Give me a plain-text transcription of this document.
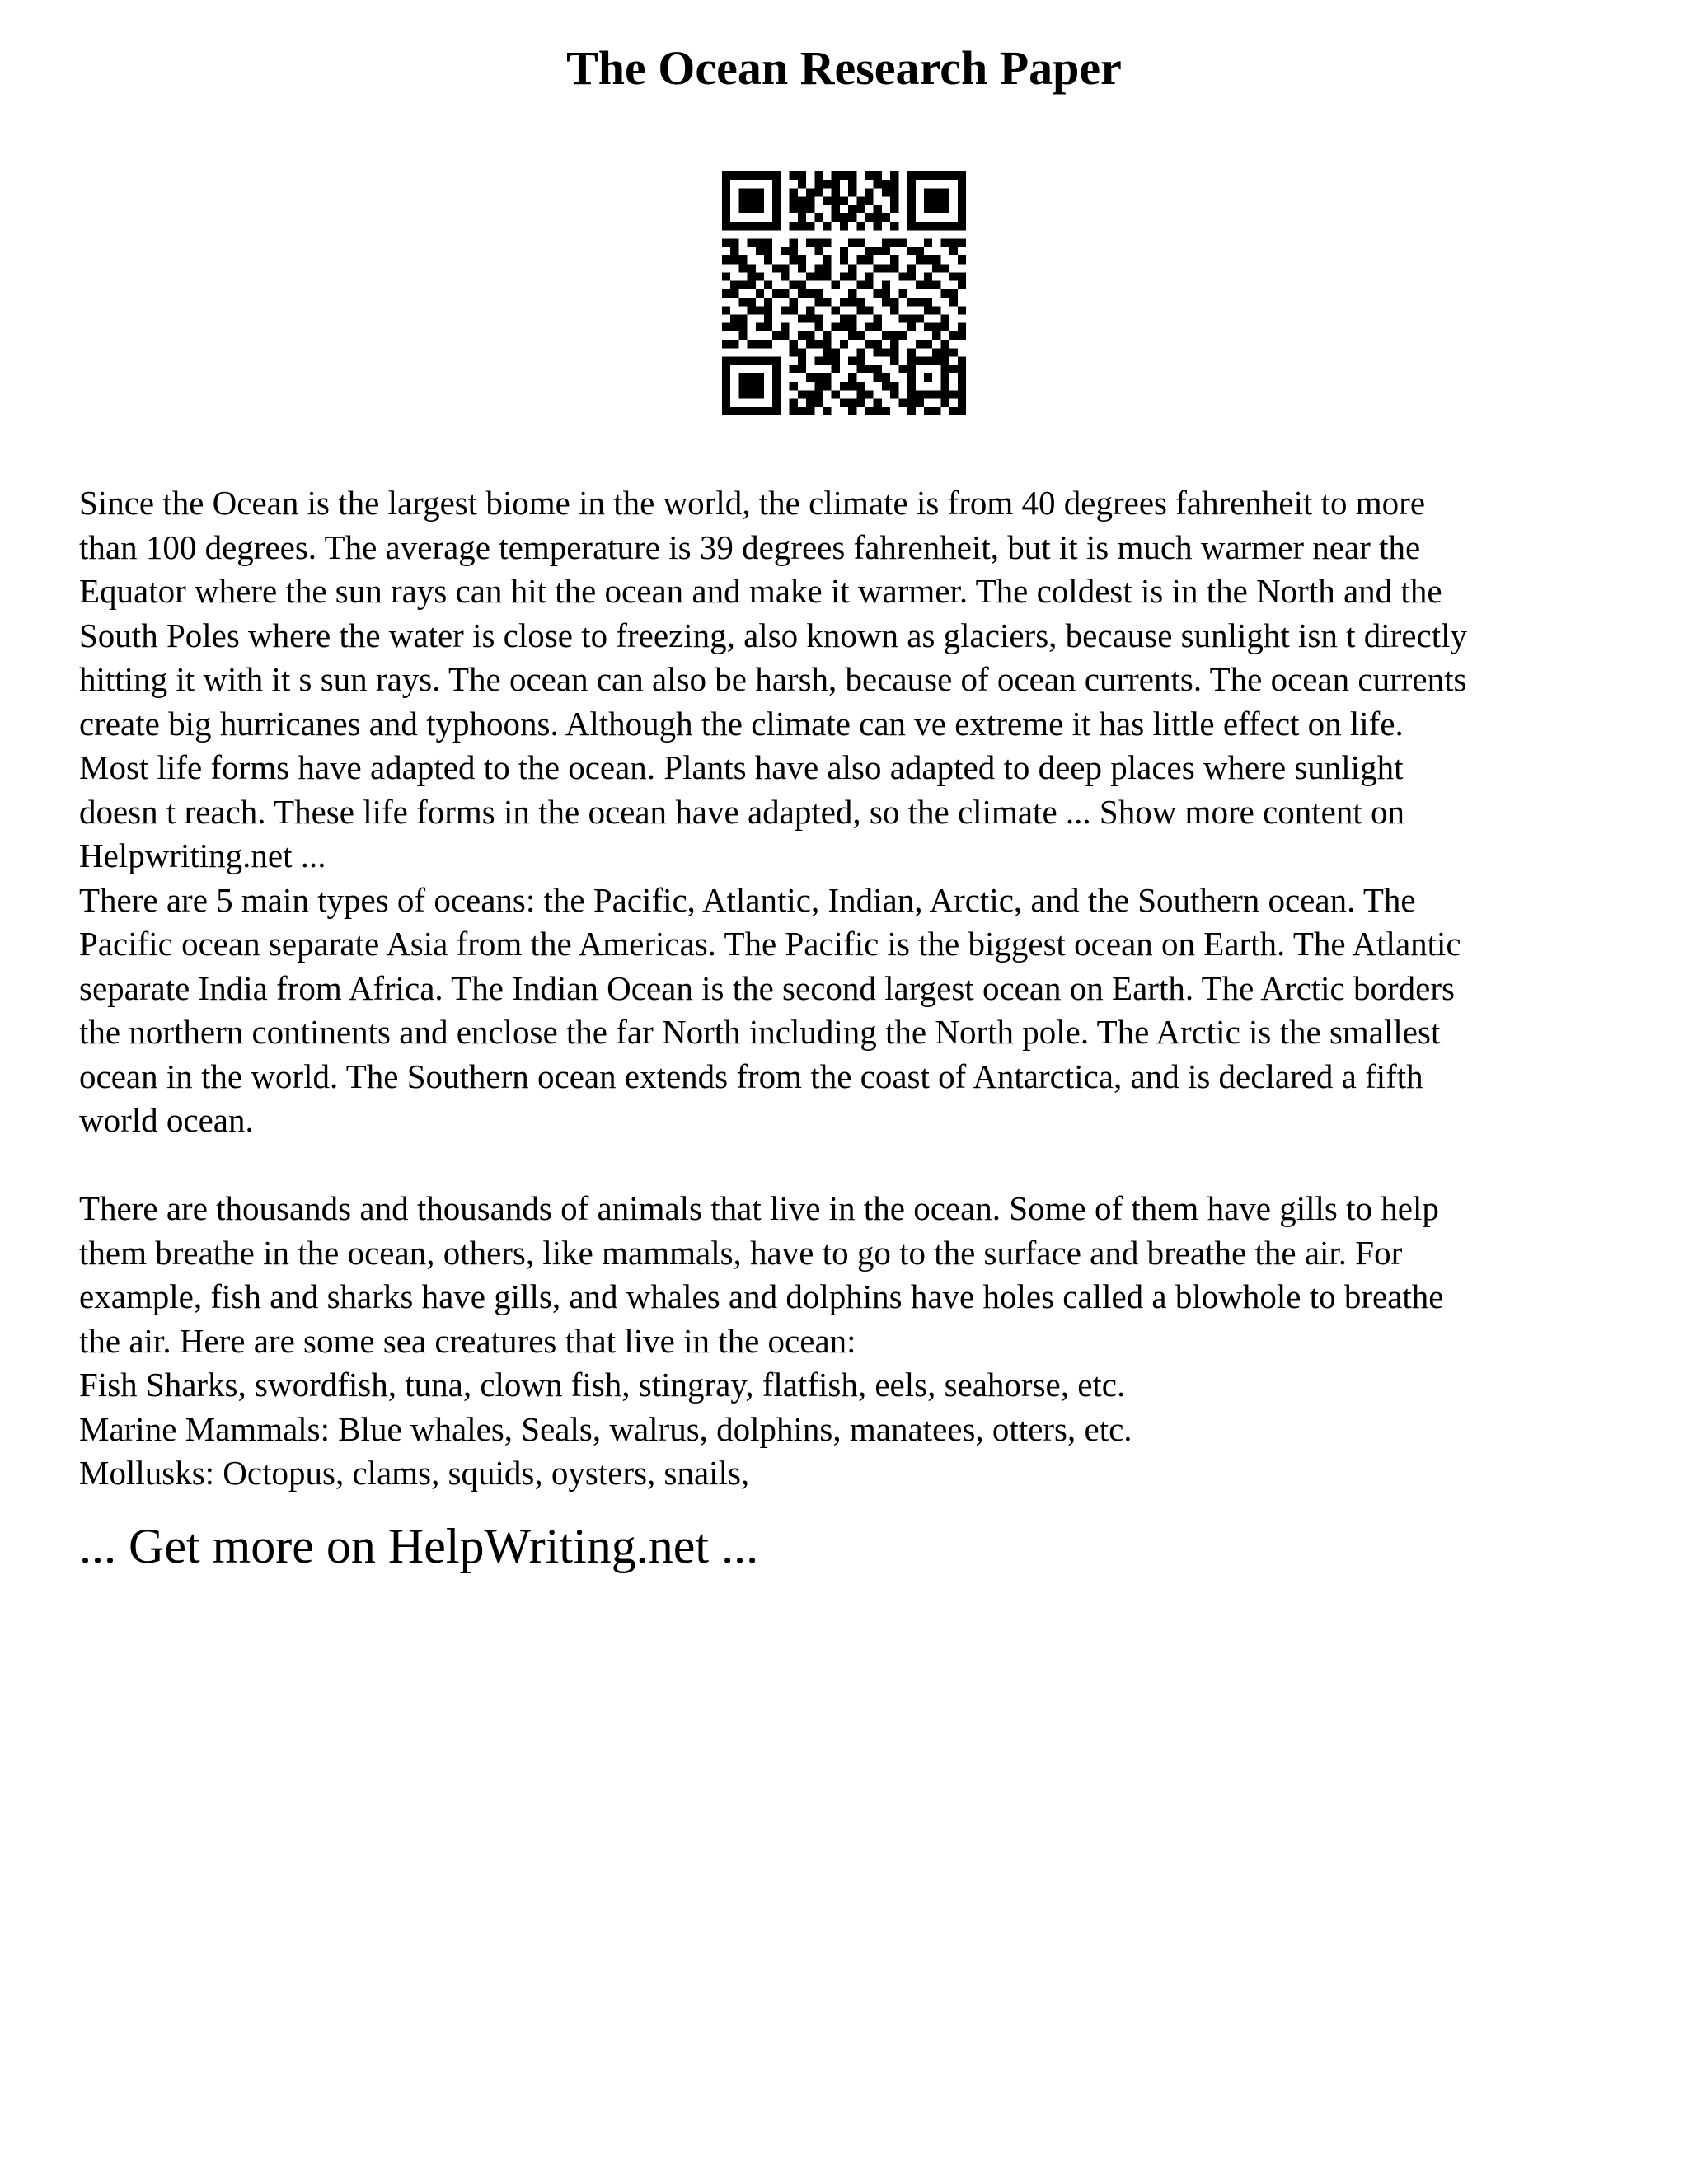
The Ocean Research Paper

Since the Ocean is the largest biome in the world, the climate is from 40 degrees fahrenheit to more
than 100 degrees. The average temperature is 39 degrees fahrenheit, but it is much warmer near the
Equator where the sun rays can hit the ocean and make it warmer. The coldest is in the North and the
South Poles where the water is close to freezing, also known as glaciers, because sunlight isn t directly
hitting it with it s sun rays. The ocean can also be harsh, because of ocean currents. The ocean currents
create big hurricanes and typhoons. Although the climate can ve extreme it has little effect on life.
Most life forms have adapted to the ocean. Plants have also adapted to deep places where sunlight
doesn t reach. These life forms in the ocean have adapted, so the climate ... Show more content on
Helpwriting.net ...

There are 5 main types of oceans: the Pacific, Atlantic, Indian, Arctic, and the Southern ocean. The
Pacific ocean separate Asia from the Americas. The Pacific is the biggest ocean on Earth. The Atlantic
separate India from Africa. The Indian Ocean is the second largest ocean on Earth. The Arctic borders
the northern continents and enclose the far North including the North pole. The Arctic is the smallest
ocean in the world. The Southern ocean extends from the coast of Antarctica, and is declared a fifth
world ocean.

There are thousands and thousands of animals that live in the ocean. Some of them have gills to help
them breathe in the ocean, others, like mammals, have to go to the surface and breathe the air. For
example, fish and sharks have gills, and whales and dolphins have holes called a blowhole to breathe
the air. Here are some sea creatures that live in the ocean:
Fish Sharks, swordfish, tuna, clown fish, stingray, flatfish, eels, seahorse, etc.
Marine Mammals: Blue whales, Seals, walrus, dolphins, manatees, otters, etc.
Mollusks: Octopus, clams, squids, oysters, snails,

... Get more on HelpWriting.net ...
